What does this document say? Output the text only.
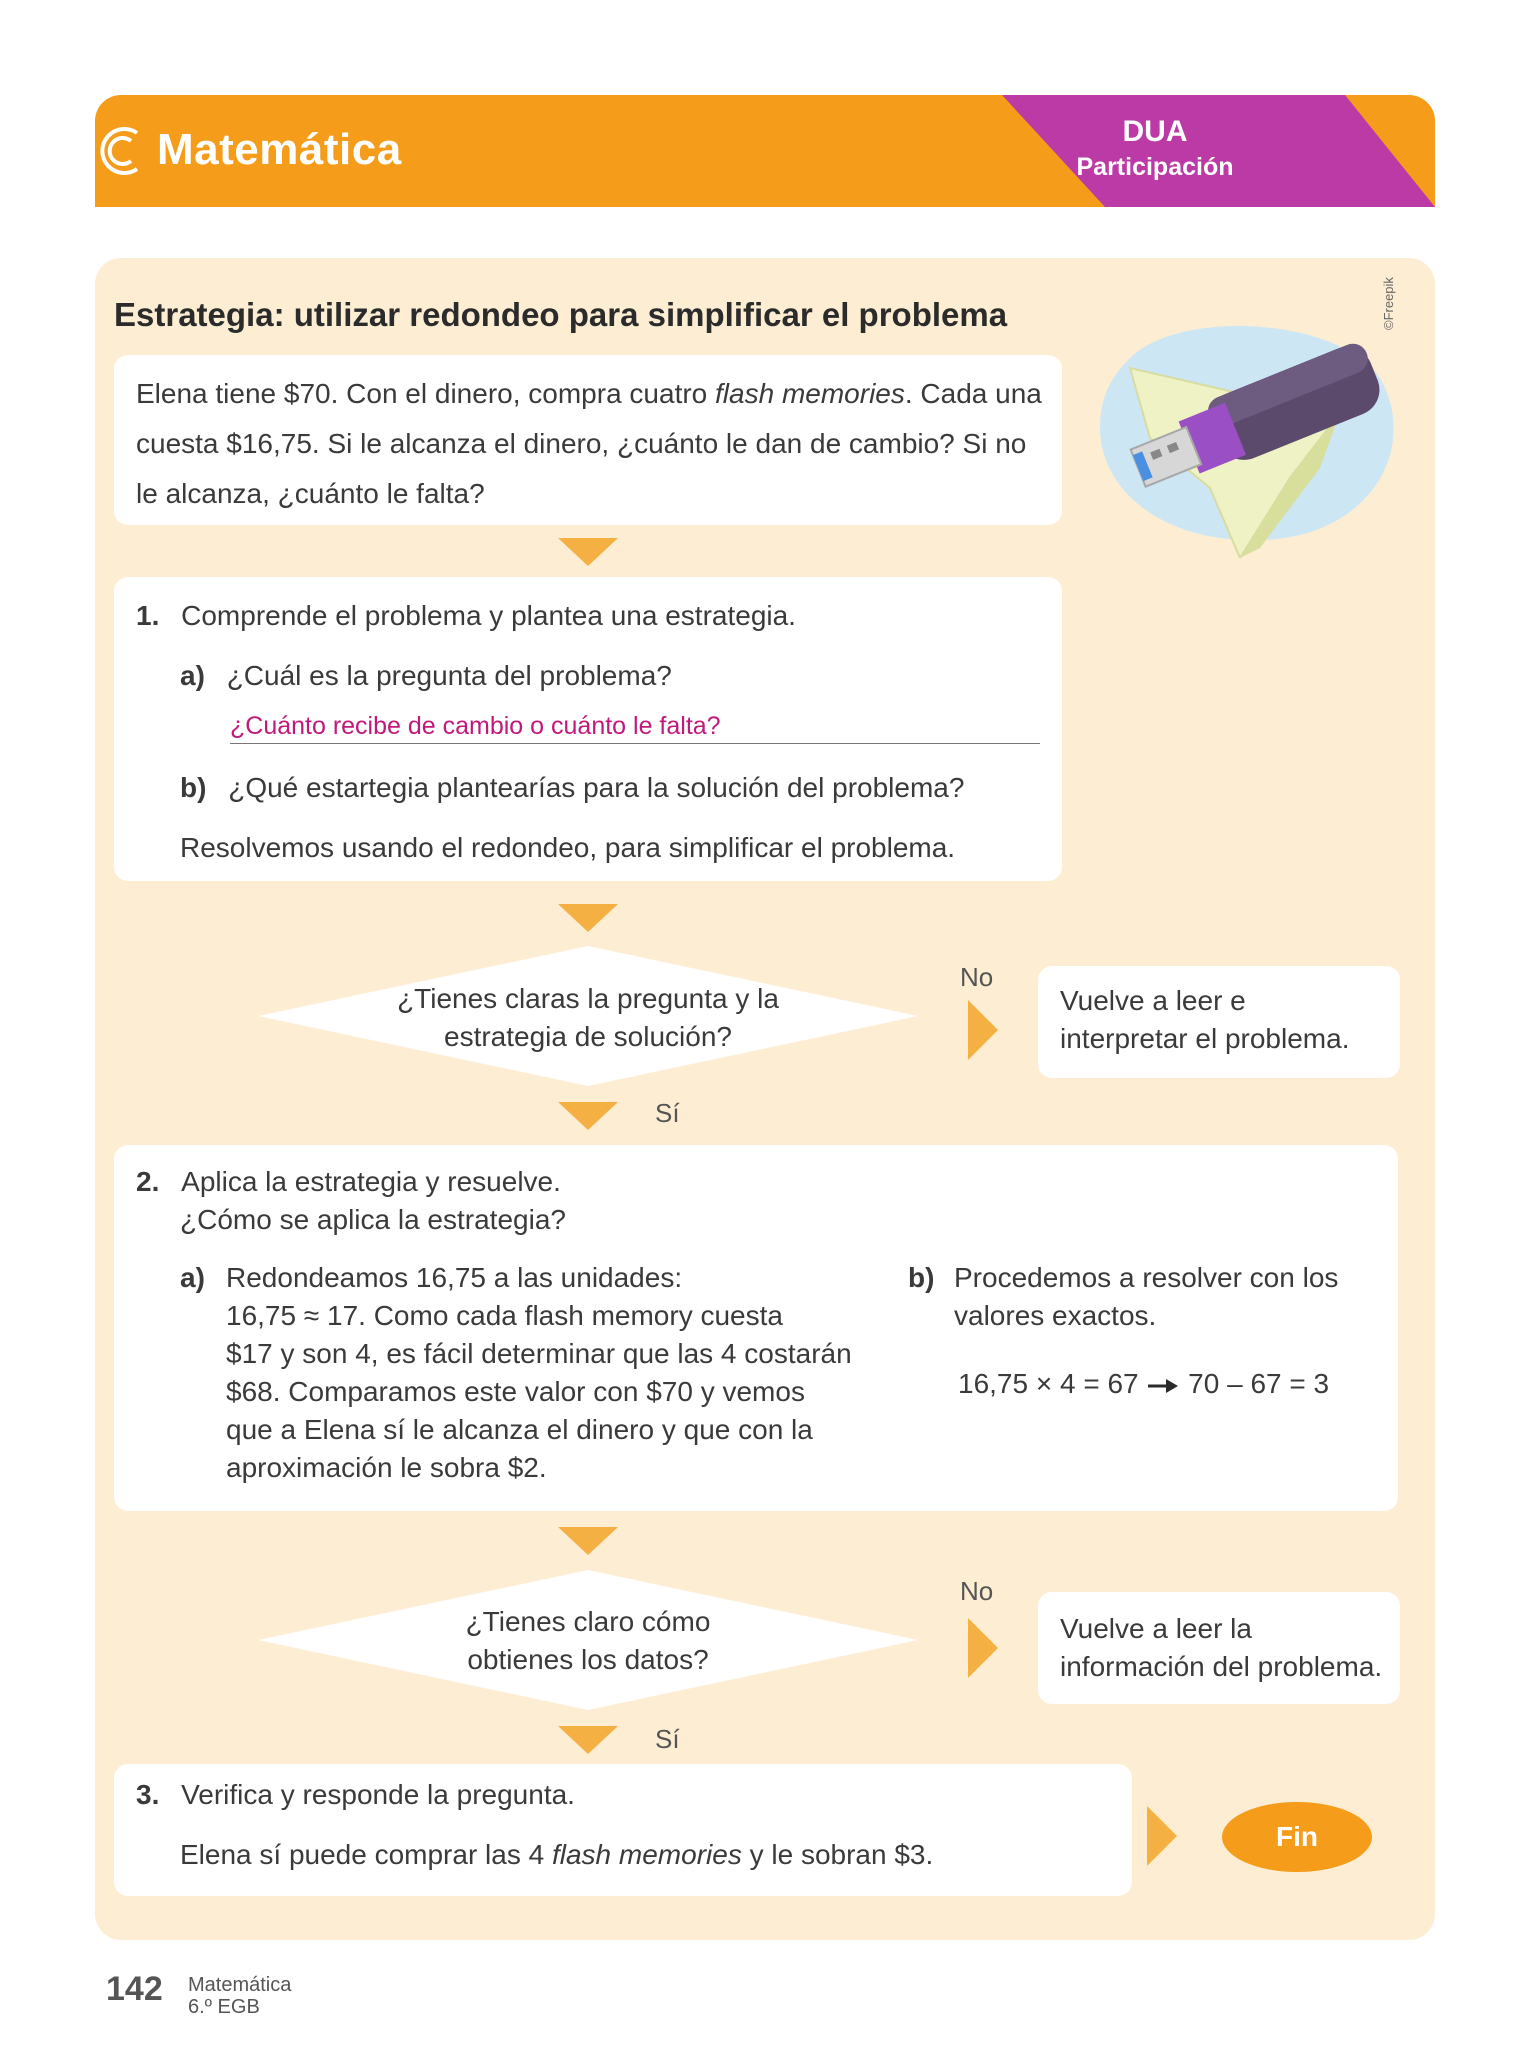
Matemática	DUA
Participación
Estrategia: utilizar redondeo para simplificar el problema	©Freepik
Elena tiene $70. Con el dinero, compra cuatro flash memories. Cada una cuesta $16,75. Si le alcanza el dinero, ¿cuánto le dan de cambio? Si no le alcanza, ¿cuánto le falta?
1. Comprende el problema y plantea una estrategia.
a) ¿Cuál es la pregunta del problema?
¿Cuánto recibe de cambio o cuánto le falta?
b) ¿Qué estartegia plantearías para la solución del problema?
Resolvemos usando el redondeo, para simplificar el problema.
¿Tienes claras la pregunta y la
estrategia de solución?
No
Vuelve a leer e
interpretar el problema.
Sí
2. Aplica la estrategia y resuelve.
¿Cómo se aplica la estrategia?
a) Redondeamos 16,75 a las unidades:
16,75 ≈ 17. Como cada flash memory cuesta
$17 y son 4, es fácil determinar que las 4 costarán
$68. Comparamos este valor con $70 y vemos
que a Elena sí le alcanza el dinero y que con la
aproximación le sobra $2.
b) Procedemos a resolver con los
valores exactos.
16,75 × 4 = 67 70 – 67 = 3
¿Tienes claro cómo
obtienes los datos?
No
Vuelve a leer la
información del problema.
Sí
3. Verifica y responde la pregunta.
Elena sí puede comprar las 4 flash memories y le sobran $3.
Fin
142 Matemática
6.º EGB
